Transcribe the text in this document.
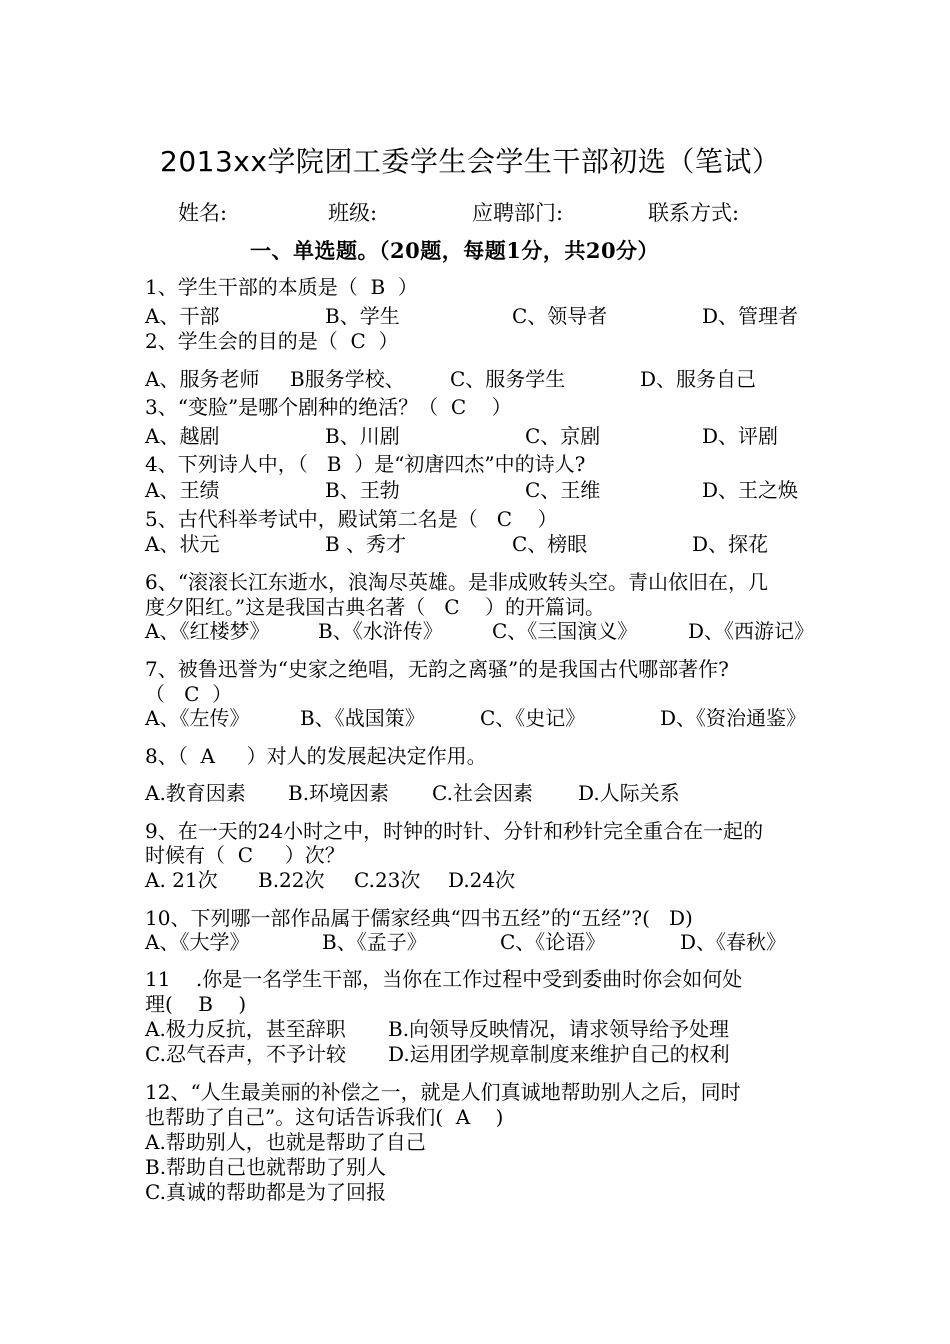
2013xx学院团工委学生会学生干部初选（笔试）
姓名:	班级:	应聘部门:	联系方式:
一、单选题。（20题，每题1分，共20分）
1、学生干部的本质是（  B  ）
A、干部	B、学生	C、领导者	D、管理者
2、学生会的目的是（  C  ）
A、服务老师 B服务学校、 C、服务学生	D、服务自己
3、“变脸”是哪个剧种的绝活？（  C    ）
A、越剧	B、川剧	C、京剧	D、评剧
4、下列诗人中，（   B  ）是“初唐四杰”中的诗人?
A、王绩	B、王勃	C、王维	D、王之焕
5、古代科举考试中，殿试第二名是（   C    ）
A、状元	B 、秀才	C、榜眼	D、探花
6、“滚滚长江东逝水，浪淘尽英雄。是非成败转头空。青山依旧在，几
度夕阳红。”这是我国古典名著（   C    ）的开篇词。
A、《红楼梦》 B、《水浒传》 C、《三国演义》	D、《西游记》
7、被鲁迅誉为“史家之绝唱，无韵之离骚”的是我国古代哪部著作?
（   C  ）
A、《左传》	B、《战国策》	C、《史记》	D、《资治通鉴》
8、（  A     ）对人的发展起决定作用。
A.教育因素 B.环境因素 C.社会因素 D.人际关系
9、在一天的24小时之中，时钟的时针、分针和秒针完全重合在一起的
时候有（  C     ）次？
A. 21次 B.22次 C.23次 D.24次
10、下列哪一部作品属于儒家经典“四书五经”的“五经”?(   D)
A、《大学》	B、《孟子》	C、《论语》	D、《春秋》
11    .你是一名学生干部，当你在工作过程中受到委曲时你会如何处
理(    B    )
A.极力反抗，甚至辞职 B.向领导反映情况，请求领导给予处理
C.忍气吞声，不予计较 D.运用团学规章制度来维护自己的权利
12、“人生最美丽的补偿之一，就是人们真诚地帮助别人之后，同时
也帮助了自己”。这句话告诉我们(  A    )
A.帮助别人，也就是帮助了自己
B.帮助自己也就帮助了别人
C.真诚的帮助都是为了回报
